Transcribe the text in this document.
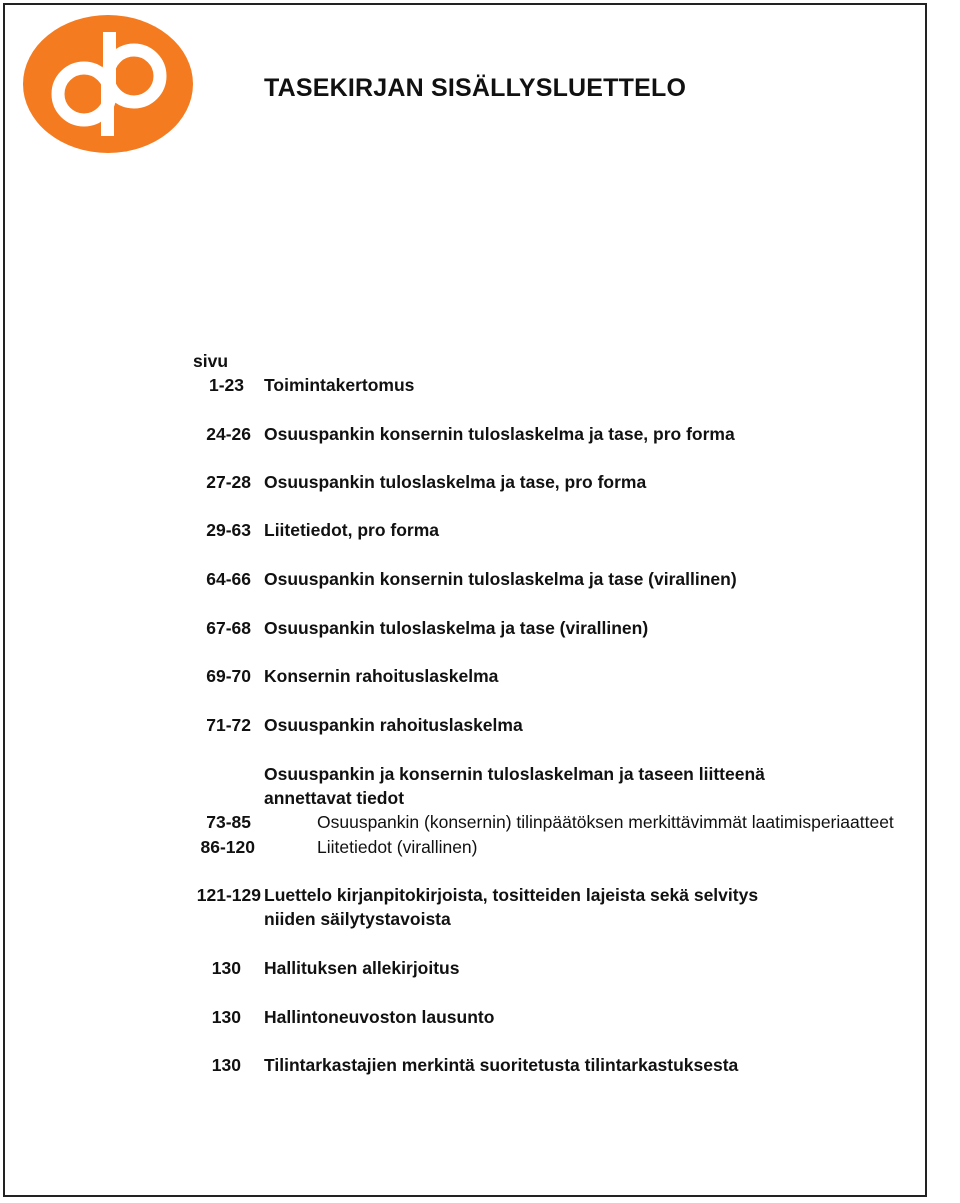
TASEKIRJAN SISÄLLYSLUETTELO
sivu
1-23 Toimintakertomus
24-26 Osuuspankin konsernin tuloslaskelma ja tase, pro forma
27-28 Osuuspankin tuloslaskelma ja tase, pro forma
29-63 Liitetiedot, pro forma
64-66 Osuuspankin konsernin tuloslaskelma ja tase (virallinen)
67-68 Osuuspankin tuloslaskelma ja tase (virallinen)
69-70 Konsernin rahoituslaskelma
71-72 Osuuspankin rahoituslaskelma
Osuuspankin ja konsernin tuloslaskelman ja taseen liitteenä
annettavat tiedot
73-85	Osuuspankin (konsernin) tilinpäätöksen merkittävimmät laatimisperiaatteet
86-120	Liitetiedot (virallinen)
121-129 Luettelo kirjanpitokirjoista, tositteiden lajeista sekä selvitys
niiden säilytystavoista
130 Hallituksen allekirjoitus
130 Hallintoneuvoston lausunto
130 Tilintarkastajien merkintä suoritetusta tilintarkastuksesta
